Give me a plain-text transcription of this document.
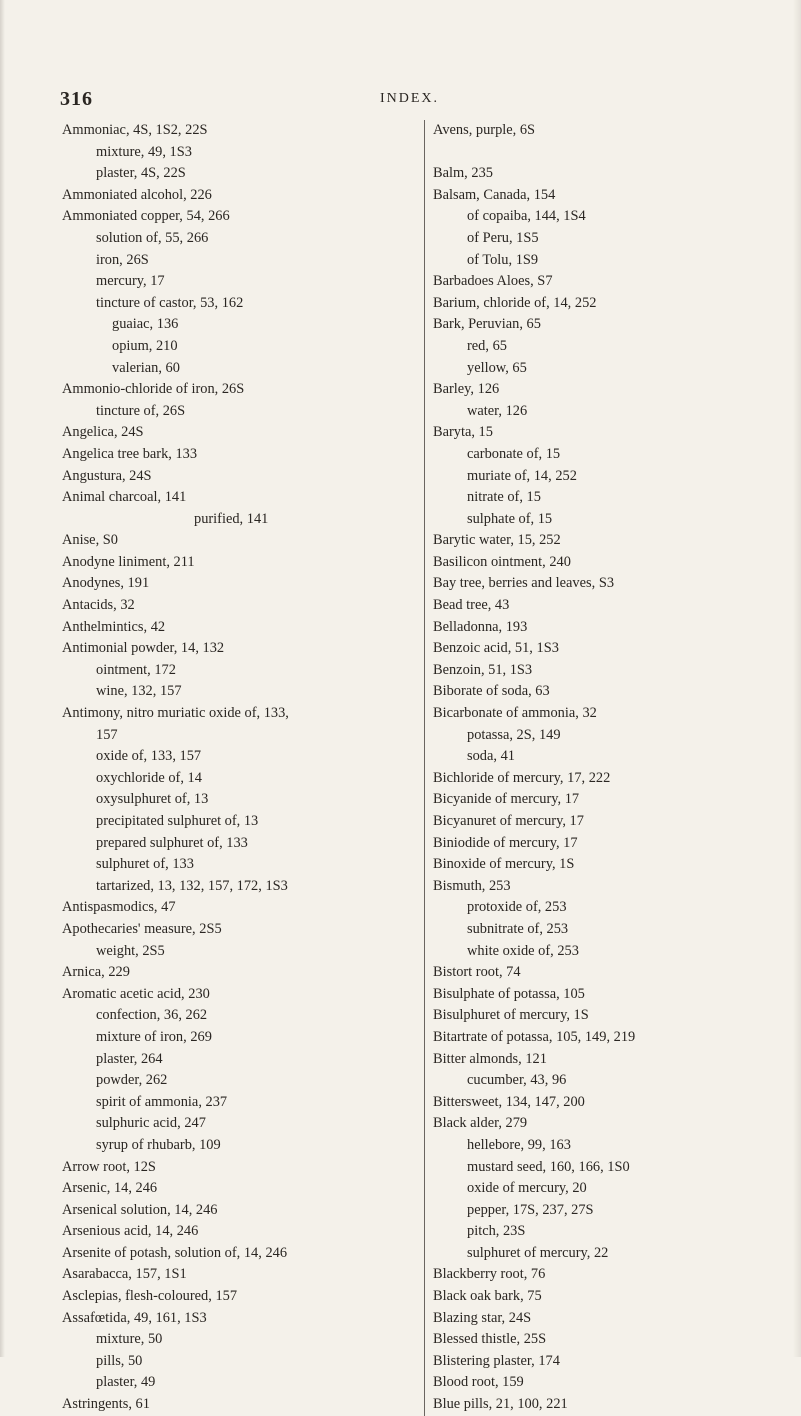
316	INDEX.
Ammoniac, 4S, 1S2, 22S
mixture, 49, 1S3
plaster, 4S, 22S
Ammoniated alcohol, 226
Ammoniated copper, 54, 266
solution of, 55, 266
iron, 26S
mercury, 17
tincture of castor, 53, 162
guaiac, 136
opium, 210
valerian, 60
Ammonio-chloride of iron, 26S
tincture of, 26S
Angelica, 24S
Angelica tree bark, 133
Angustura, 24S
Animal charcoal, 141
purified, 141
Anise, S0
Anodyne liniment, 211
Anodynes, 191
Antacids, 32
Anthelmintics, 42
Antimonial powder, 14, 132
ointment, 172
wine, 132, 157
Antimony, nitro muriatic oxide of, 133,
157
oxide of, 133, 157
oxychloride of, 14
oxysulphuret of, 13
precipitated sulphuret of, 13
prepared sulphuret of, 133
sulphuret of, 133
tartarized, 13, 132, 157, 172, 1S3
Antispasmodics, 47
Apothecaries' measure, 2S5
weight, 2S5
Arnica, 229
Aromatic acetic acid, 230
confection, 36, 262
mixture of iron, 269
plaster, 264
powder, 262
spirit of ammonia, 237
sulphuric acid, 247
syrup of rhubarb, 109
Arrow root, 12S
Arsenic, 14, 246
Arsenical solution, 14, 246
Arsenious acid, 14, 246
Arsenite of potash, solution of, 14, 246
Asarabacca, 157, 1S1
Asclepias, flesh-coloured, 157
Assafœtida, 49, 161, 1S3
mixture, 50
pills, 50
plaster, 49
Astringents, 61
Avens, purple, 6S

Balm, 235
Balsam, Canada, 154
of copaiba, 144, 1S4
of Peru, 1S5
of Tolu, 1S9
Barbadoes Aloes, S7
Barium, chloride of, 14, 252
Bark, Peruvian, 65
red, 65
yellow, 65
Barley, 126
water, 126
Baryta, 15
carbonate of, 15
muriate of, 14, 252
nitrate of, 15
sulphate of, 15
Barytic water, 15, 252
Basilicon ointment, 240
Bay tree, berries and leaves, S3
Bead tree, 43
Belladonna, 193
Benzoic acid, 51, 1S3
Benzoin, 51, 1S3
Biborate of soda, 63
Bicarbonate of ammonia, 32
potassa, 2S, 149
soda, 41
Bichloride of mercury, 17, 222
Bicyanide of mercury, 17
Bicyanuret of mercury, 17
Biniodide of mercury, 17
Binoxide of mercury, 1S
Bismuth, 253
protoxide of, 253
subnitrate of, 253
white oxide of, 253
Bistort root, 74
Bisulphate of potassa, 105
Bisulphuret of mercury, 1S
Bitartrate of potassa, 105, 149, 219
Bitter almonds, 121
cucumber, 43, 96
Bittersweet, 134, 147, 200
Black alder, 279
hellebore, 99, 163
mustard seed, 160, 166, 1S0
oxide of mercury, 20
pepper, 17S, 237, 27S
pitch, 23S
sulphuret of mercury, 22
Blackberry root, 76
Black oak bark, 75
Blazing star, 24S
Blessed thistle, 25S
Blistering plaster, 174
Blood root, 159
Blue pills, 21, 100, 221
